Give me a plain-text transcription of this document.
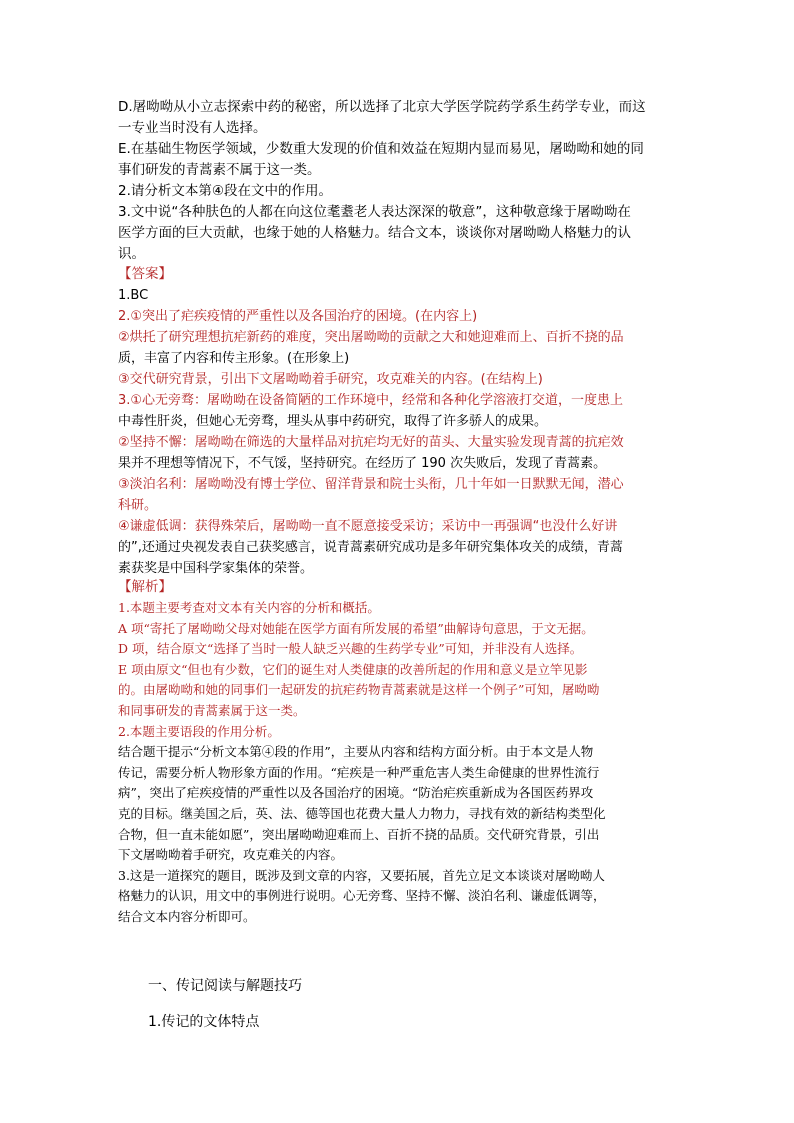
D.屠呦呦从小立志探索中药的秘密，所以选择了北京大学医学院药学系生药学专业，而这
一专业当时没有人选择。
E.在基础生物医学领域，少数重大发现的价值和效益在短期内显而易见，屠呦呦和她的同
事们研发的青蒿素不属于这一类。
2.请分析文本第④段在文中的作用。
3.文中说“各种肤色的人都在向这位耄耋老人表达深深的敬意”，这种敬意缘于屠呦呦在
医学方面的巨大贡献，也缘于她的人格魅力。结合文本，谈谈你对屠呦呦人格魅力的认
识。
【答案】
1.BC
2.①突出了疟疾疫情的严重性以及各国治疗的困境。(在内容上)
②烘托了研究理想抗疟新药的难度，突出屠呦呦的贡献之大和她迎难而上、百折不挠的品
质，丰富了内容和传主形象。(在形象上)
③交代研究背景，引出下文屠呦呦着手研究，攻克难关的内容。(在结构上)
3.①心无旁骛：屠呦呦在设备简陋的工作环境中，经常和各种化学溶液打交道，一度患上
中毒性肝炎，但她心无旁骛，埋头从事中药研究，取得了许多骄人的成果。
②坚持不懈：屠呦呦在筛选的大量样品对抗疟均无好的苗头、大量实验发现青蒿的抗疟效
果并不理想等情况下，不气馁，坚持研究。在经历了 190 次失败后，发现了青蒿素。
③淡泊名利：屠呦呦没有博士学位、留洋背景和院士头衔，几十年如一日默默无闻，潜心
科研。
④谦虚低调：获得殊荣后，屠呦呦一直不愿意接受采访；采访中一再强调“也没什么好讲
的”,还通过央视发表自己获奖感言，说青蒿素研究成功是多年研究集体攻关的成绩，青蒿
素获奖是中国科学家集体的荣誉。
【解析】
1.本题主要考查对文本有关内容的分析和概括。
A 项“寄托了屠呦呦父母对她能在医学方面有所发展的希望”曲解诗句意思，于文无据。
D 项，结合原文“选择了当时一般人缺乏兴趣的生药学专业”可知，并非没有人选择。
E 项由原文“但也有少数，它们的诞生对人类健康的改善所起的作用和意义是立竿见影
的。由屠呦呦和她的同事们一起研发的抗疟药物青蒿素就是这样一个例子”可知，屠呦呦
和同事研发的青蒿素属于这一类。
2.本题主要语段的作用分析。
结合题干提示“分析文本第④段的作用”，主要从内容和结构方面分析。由于本文是人物
传记，需要分析人物形象方面的作用。“疟疾是一种严重危害人类生命健康的世界性流行
病”，突出了疟疾疫情的严重性以及各国治疗的困境。“防治疟疾重新成为各国医药界攻
克的目标。继美国之后，英、法、德等国也花费大量人力物力，寻找有效的新结构类型化
合物，但一直未能如愿”，突出屠呦呦迎难而上、百折不挠的品质。交代研究背景，引出
下文屠呦呦着手研究，攻克难关的内容。
3.这是一道探究的题目，既涉及到文章的内容，又要拓展，首先立足文本谈谈对屠呦呦人
格魅力的认识，用文中的事例进行说明。心无旁骛、坚持不懈、淡泊名利、谦虚低调等，
结合文本内容分析即可。
一、传记阅读与解题技巧
1.传记的文体特点
